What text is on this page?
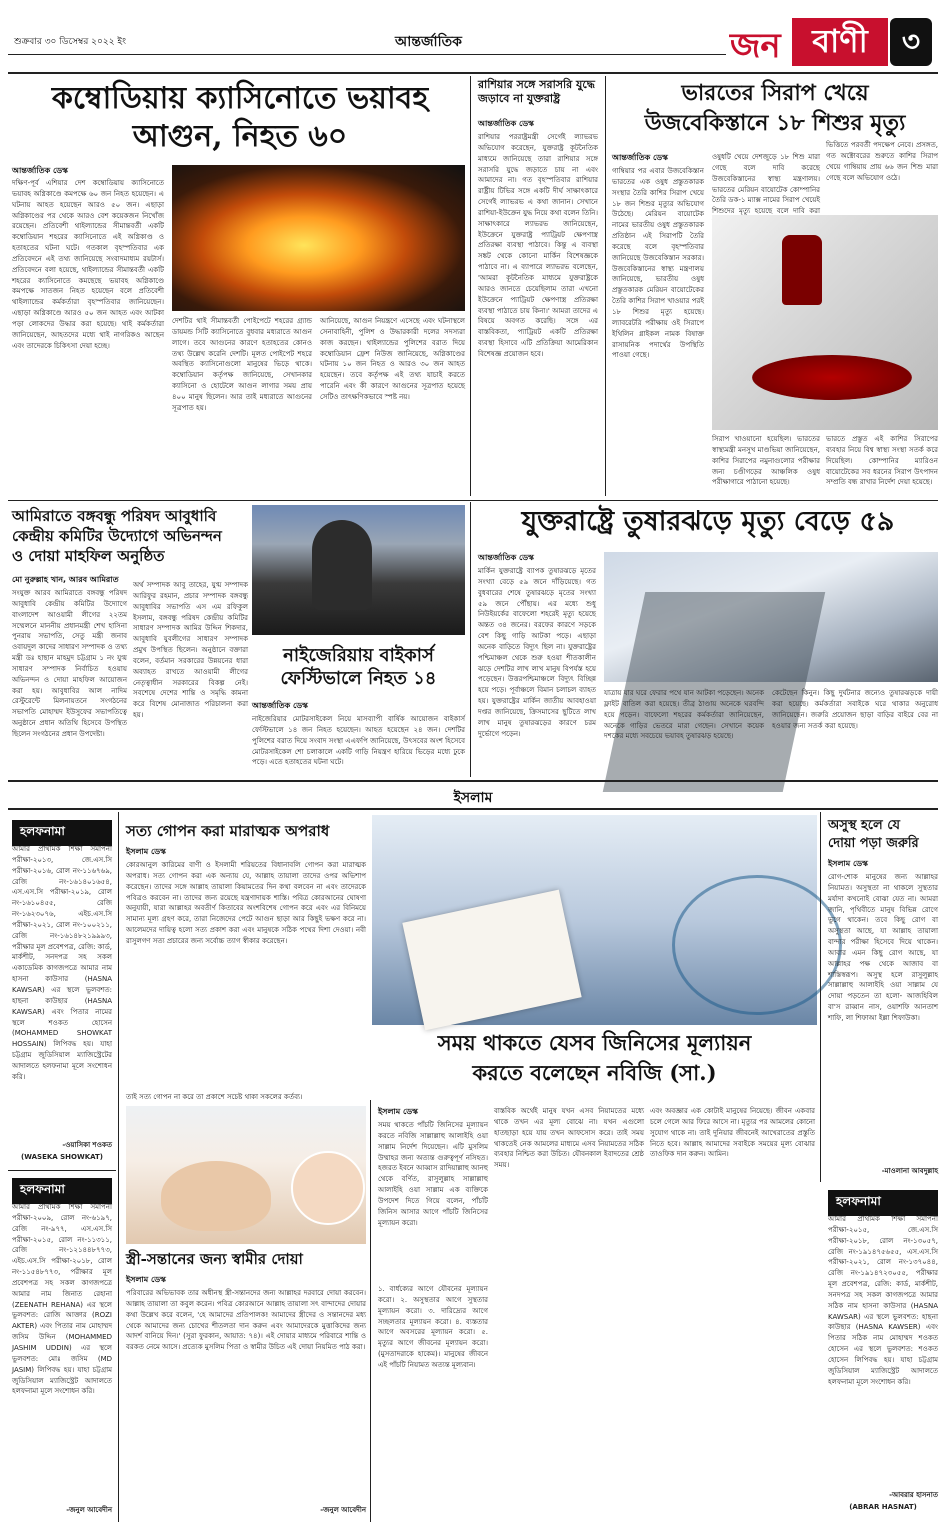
শুক্রবার ৩০ ডিসেম্বর ২০২২ ইং	আন্তর্জাতিক	জন বাণী	৩
কম্বোডিয়ায় ক্যাসিনোতে ভয়াবহ
আগুন, নিহত ৬০
আন্তর্জাতিক ডেস্ক
দক্ষিণ-পূর্ব এশিয়ার দেশ কম্বোডিয়ায় ক্যাসিনোতে ভয়াবহ অগ্নিকাণ্ডে কমপক্ষে ৬০ জন নিহত হয়েছেন। এ ঘটনায় আহত হয়েছেন আরও ৫০ জন। এছাড়া অগ্নিকাণ্ডের পর থেকে আরও বেশ কয়েকজন নিখোঁজ রয়েছেন। প্রতিবেশী থাইল্যান্ডের সীমান্তবর্তী একটি কম্বোডিয়ান শহরের ক্যাসিনোতে এই অগ্নিকাণ্ড ও হতাহতের ঘটনা ঘটে। গতকাল বৃহস্পতিবার এক প্রতিবেদনে এই তথ্য জানিয়েছে সংবাদমাধ্যম রয়টার্স। প্রতিবেদনে বলা হয়েছে, থাইল্যান্ডের সীমান্তবর্তী একটি শহরের ক্যাসিনোতে কমছেছে ভয়াবহ অগ্নিকাণ্ডে কমপক্ষে সাতজন নিহত হয়েছেন বলে প্রতিবেশী থাইল্যান্ডের কর্মকর্তারা বৃহস্পতিবার জানিয়েছেন। এছাড়া অগ্নিকাণ্ডে আরও ৫০ জন আহত এবং আটকা পড়া লোকদের উদ্ধার করা হয়েছে। থাই কর্মকর্তারা জানিয়েছেন, আহতদের মধ্যে থাই নাগরিকও আছেন এবং তাদেরকে চিকিৎসা দেয়া হচ্ছে।
দেশটির থাই সীমান্তবর্তী পোইপেটে শহরের গ্র্যান্ড ডায়মন্ড সিটি ক্যাসিনোতে বুধবার মধ্যরাতে আগুন লাগে। তবে আগুনের কারণে হতাহতের কোনও তথ্য উল্লেখ করেনি দেশটি। মূলত পোইপেট শহরে অবস্থিত ক্যাসিনোগুলো মানুষের ভিড়ে থাকে। কম্বোডিয়ান কর্তৃপক্ষ জানিয়েছে, সেখানকার ক্যাসিনো ও হোটেলে আগুন লাগার সময় প্রায় ৪০০ মানুষ ছিলেন। আর তাই মধ্যরাতে আগুনের সূত্রপাত হয়।
আনিয়েছে, আগুন নিয়ন্ত্রণে এসেছে এবং ঘটনাস্থলে সেনাবাহিনী, পুলিশ ও উদ্ধারকারী দলের সদস্যরা কাজ করছেন। থাইল্যান্ডের পুলিশের বরাত দিয়ে কম্বোডিয়ান ফ্রেশ নিউজ জানিয়েছে, অগ্নিকাণ্ডের ঘটনায় ১০ জন নিহত ও আরও ৩০ জন আহত হয়েছেন। তবে কর্তৃপক্ষ এই তথ্য যাচাই করতে পারেনি এবং কী কারণে আগুনের সূত্রপাত হয়েছে সেটিও তাৎক্ষণিকভাবে স্পষ্ট নয়।
রাশিয়ার সঙ্গে সরাসরি যুদ্ধে জড়াবে না যুক্তরাষ্ট্র
আন্তর্জাতিক ডেস্ক
রাশিয়ার পররাষ্ট্রমন্ত্রী সের্গেই ল্যাভরভ অভিযোগ করেছেন, যুক্তরাষ্ট্র কূটনৈতিক মাধ্যমে জানিয়েছে তারা রাশিয়ার সঙ্গে সরাসরি যুদ্ধে জড়াতে চায় না এবং আমাদের না। গত বৃহস্পতিবার রাশিয়ার রাষ্ট্রীয় টিভির সঙ্গে একটি দীর্ঘ সাক্ষাৎকারে সের্গেই ল্যাভরভ এ কথা জানান। সেখানে রাশিয়া-ইউক্রেন যুদ্ধ নিয়ে কথা বলেন তিনি। সাক্ষাৎকারে ল্যাভরভ জানিয়েছেন, ইউক্রেনে যুক্তরাষ্ট্র প্যাট্রিয়ট ক্ষেপণাস্ত্র প্রতিরক্ষা ব্যবস্থা পাঠাবে। কিন্তু এ ব্যবস্থা সঙ্কট থেকে কোনো মার্কিন বিশেষজ্ঞকে পাঠাবে না। এ ব্যাপারে ল্যাভরভ বলেছেন, 'আমরা কূটনৈতিক মাধ্যমে যুক্তরাষ্ট্রকে আরও জানতে চেয়েছিলাম তারা এখনো ইউক্রেনে প্যাট্রিয়ট ক্ষেপণাস্ত্র প্রতিরক্ষা ব্যবস্থা পাঠাতে চায় কিনা।' আমরা তাদের এ বিষয়ে অবগত করেছি। সঙ্গে এর বাস্তবিকতা, প্যাট্রিয়ট একটি প্রতিরক্ষা ব্যবস্থা হিসাবে এটি প্রতিক্রিয়া আমেরিকান বিশেষজ্ঞ প্রয়োজন হবে।
ভারতের সিরাপ খেয়ে
উজবেকিস্তানে ১৮ শিশুর মৃত্যু
আন্তর্জাতিক ডেস্ক
গাম্বিয়ার পর এবার উজবেকিস্তান ভারতের এক ওষুধ প্রস্তুতকারক সংস্থার তৈরি কাশির সিরাপ খেয়ে ১৮ জন শিশুর মৃত্যুর অভিযোগ উঠেছে। মেরিয়ন বায়োটেক নামের ভারতীয় ওষুধ প্রস্তুতকারক প্রতিষ্ঠান এই সিরাপটি তৈরি করেছে বলে বৃহস্পতিবার জানিয়েছে উজবেকিস্তান সরকার। উজবেকিস্তানের স্বাস্থ্য মন্ত্রণালয় জানিয়েছে, ভারতীয় ওষুধ প্রস্তুতকারক মেরিয়ন বায়োটেকের তৈরি কাশির সিরাপ খাওয়ার পরই ১৮ শিশুর মৃত্যু হয়েছে। ল্যাবরেটরি পরীক্ষায় ওই সিরাপে ইথিলিন গ্লাইকল নামক বিষাক্ত রাসায়নিক পদার্থের উপস্থিতি পাওয়া গেছে।
ওষুধটি খেয়ে দেশজুড়ে ১৮ শিশু মারা গেছে বলে দাবি করেছে উজবেকিস্তানের স্বাস্থ্য মন্ত্রণালয়। ভারতের মেরিয়ন বায়োটেক কোম্পানির তৈরি ডক-১ ম্যাক্স নামের সিরাপ খেয়েই শিশুদের মৃত্যু হয়েছে বলে দাবি করা
ভিত্তিতে পরবর্তী পদক্ষেপ নেবে। প্রসঙ্গত, গত অক্টোবরের শুরুতে কাশির সিরাপ খেয়ে গাম্বিয়ায় প্রায় ৬৬ জন শিশু মারা গেছে বলে অভিযোগ ওঠে।
সিরাপ খাওয়ানো হয়েছিল। ভারতের স্বাস্থ্যমন্ত্রী মনসুখ মাণ্ডভিয়া জানিয়েছেন, কাশির সিরাপের নমুনাগুলোর পরীক্ষার জন্য চণ্ডীগড়ের আঞ্চলিক ওষুধ পরীক্ষাগারে পাঠানো হয়েছে।
ভারতে প্রস্তুত এই কাশির সিরাপের ব্যবহার নিয়ে বিশ্ব স্বাস্থ্য সংস্থা সতর্ক করে দিয়েছিল। কোম্পানির ম্যারিওন বায়োটেকের সব ধরনের সিরাপ উৎপাদন সম্প্রতি বন্ধ রাখার নির্দেশ দেয়া হয়েছে।
আমিরাতে বঙ্গবন্ধু পরিষদ আবুধাবি
কেন্দ্রীয় কমিটির উদ্যোগে অভিনন্দন
ও দোয়া মাহফিল অনুষ্ঠিত
মো নুরুল্লাহ খান, আরব আমিরাত
সংযুক্ত আরব আমিরাতে বঙ্গবন্ধু পরিষদ আবুধাবি কেন্দ্রীয় কমিটির উদ্যোগে বাংলাদেশ আওয়ামী লীগের ২২তম সম্মেলনে মাননীয় প্রধানমন্ত্রী শেখ হাসিনা পুনরায় সভাপতি, সেতু মন্ত্রী জনাব ওবায়দুল কাদের সাধারণ সম্পাদক ও তথ্য মন্ত্রী ডঃ হাছান মাহমুদ চট্টগ্রাম ১ নং যুগ্ম সাধারণ সম্পাদক নির্বাচিত হওয়ায় অভিনন্দন ও দোয়া মাহফিল আয়োজন করা হয়। আবুধাবির আল নাদিম রেস্টুরেন্টে মিলনায়তনে সংগঠনের সভাপতি মোহাম্মদ ইউসুফের সভাপতিত্বে অনুষ্ঠানে প্রধান অতিথি হিসেবে উপস্থিত ছিলেন সংগঠনের প্রধান উপদেষ্টা।
অর্থ সম্পাদক আবু তাহের, যুগ্ম সম্পাদক আরিফুর রহমান, প্রচার সম্পাদক বঙ্গবন্ধু আবুধাবির সভাপতি এস এম রফিকুল ইসলাম, বঙ্গবন্ধু পরিষদ কেন্দ্রীয় কমিটির সাধারণ সম্পাদক আমির উদ্দিন শিকদার, আবুধাবি যুবলীগের সাধারণ সম্পাদক প্রমুখ উপস্থিত ছিলেন। অনুষ্ঠানে বক্তারা বলেন, বর্তমান সরকারের উন্নয়নের ধারা অব্যাহত রাখতে আওয়ামী লীগের নেতৃত্বাধীন সরকারের বিকল্প নেই। সবশেষে দেশের শান্তি ও সমৃদ্ধি কামনা করে বিশেষ মোনাজাত পরিচালনা করা হয়।
নাইজেরিয়ায় বাইকার্স
ফেস্টিভালে নিহত ১৪
আন্তর্জাতিক ডেস্ক
যুক্তরাষ্ট্রে তুষারঝড়ে মৃত্যু বেড়ে ৫৯
আন্তর্জাতিক ডেস্ক
মার্কিন যুক্তরাষ্ট্রে ব্যাপক তুষারঝড়ে মৃতের সংখ্যা বেড়ে ৫৯ জনে দাঁড়িয়েছে। গত বুধবারের শেষে তুষারঝড়ে মৃতের সংখ্যা ৫৯ জনে পৌঁছায়। এর মধ্যে শুধু নিউইয়র্কের বাফেলো শহরেই মৃত্যু হয়েছে অন্তত ৩৪ জনের। বরফের কারণে সড়কে বেশ কিছু গাড়ি আটকা পড়ে। এছাড়া অনেক বাড়িতে বিদ্যুৎ ছিল না। যুক্তরাষ্ট্রের পশ্চিমাঞ্চল থেকে শুরু হওয়া শীতকালীন ঝড়ে দেশটির লাখ লাখ মানুষ বিপর্যস্ত হয়ে পড়েছেন। উত্তরপশ্চিমাঞ্চলে বিদ্যুৎ বিচ্ছিন্ন হয়ে পড়ে। পূর্বাঞ্চলে বিমান চলাচল ব্যাহত হয়। যুক্তরাষ্ট্রের মার্কিন জাতীয় আবহাওয়া দপ্তর জানিয়েছে, ক্রিসমাসের ছুটিতে লাখ লাখ মানুষ তুষারঝড়ের কারণে চরম দুর্ভোগে পড়েন।
যাত্রায় যার ঘরে ফেরার পথে যান আটকা পড়েছেন। অনেক ফ্লাইট বাতিল করা হয়েছে। তীব্র ঠাণ্ডায় অনেকে ঘরবন্দি হয়ে পড়েন। বাফেলো শহরের কর্মকর্তারা জানিয়েছেন, অনেকে গাড়ির ভেতরে মারা গেছেন। সেখানে কয়েক দশকের মধ্যে সবচেয়ে ভয়াবহ তুষারঝড় হয়েছে।
কেটেছেন কিনুন। কিছু দুর্ঘটনার জন্যেও তুষারঝড়কে দায়ী করা হয়েছে। কর্মকর্তারা সবাইকে ঘরে থাকার অনুরোধ জানিয়েছেন। জরুরি প্রয়োজন ছাড়া বাড়ির বাইরে বের না হওয়ার জন্য সতর্ক করা হয়েছে।
নাইজেরিয়ার মোটরসাইকেল নিয়ে মাসব্যাপী বার্ষিক আয়োজন বাইকার্স ফেস্টিভালে ১৪ জন নিহত হয়েছেন। আহত হয়েছেন ২৪ জন। দেশটির পুলিশের বরাত দিয়ে সংবাদ সংস্থা এএফপি জানিয়েছে, উৎসবের অংশ হিসেবে মোটরসাইকেল শো চলাকালে একটি গাড়ি নিয়ন্ত্রণ হারিয়ে ভিড়ের মধ্যে ঢুকে পড়ে। এতে হতাহতের ঘটনা ঘটে।
ইসলাম
হলফনামা
আমার প্রাথমিক শিক্ষা সমাপনী পরীক্ষা-২০১৩, জে.এস.সি পরীক্ষা-২০১৬, রোল নং-১১৬৭৬৯, রেজি নং-১৬১৪০১৬৫৪, এস.এস.সি পরীক্ষা-২০১৯, রোল নং-১৬১০৪৫৫, রেজি নং-১৬২৩০৭৬, এইচ.এস.সি পরীক্ষা-২০২১, রোল নং-১০০২১১, রেজি নং-১৬১৪৮২১৯৯৯৩, পরীক্ষার মূল প্রবেশপত্র, রেজি: কার্ড, মার্কশীট, সনদপত্র সহ সকল একাডেমিক কাগজপত্রে আমার নাম হাসনা কাউসার (HASNA KAWSAR) এর স্থলে ভুলবশত: হাছনা কাউছার (HASNA KAWSAR) এবং পিতার নামের স্থলে শওকত হোসেন (MOHAMMED SHOWKAT HOSSAIN) লিপিবদ্ধ হয়। যাহা চট্টগ্রাম জুডিসিয়াল ম্যাজিস্ট্রেটের আদালতে হলফনামা মূলে সংশোধন করি।
-ওয়াসিকা শওকত
(WASEKA SHOWKAT)
হলফনামা
আমার প্রাথমিক শিক্ষা সমাপনী পরীক্ষা-২০০৯, রোল নং-৬১৯৭, রেজি নং-৯৭৭, এস.এস.সি পরীক্ষা-২০১৫, রোল নং-১১৩১১, রেজি নং-১২১৪৪৮৭৭৩, এইচ.এস.সি পরীক্ষা-২০১৮, রোল নং-১১৫৪৮৭৭৩, পরীক্ষার মূল প্রবেশপত্র সহ সকল কাগজপত্রে আমার নাম জিনাত রেহানা (ZEENATH REHANA) এর স্থলে ভুলবশত: রোজি আক্তার (ROZI AKTER) এবং পিতার নাম মোহাম্মদ জসিম উদ্দিন (MOHAMMED JASHIM UDDIN) এর স্থলে ভুলবশত: মোঃ জসিম (MD JASIM) লিপিবদ্ধ হয়। যাহা চট্টগ্রাম জুডিসিয়াল ম্যাজিস্ট্রেট আদালতে হলফনামা মূলে সংশোধন করি।
-জনুল আবেদীন
সত্য গোপন করা মারাত্মক অপরাধ
ইসলাম ডেস্ক
কোরআনুল কারিমের বাণী ও ইসলামী শরিয়তের বিধানাবলি গোপন করা মারাত্মক অপরাধ। সত্য গোপন করা এক অন্যায় যে, আল্লাহ তায়ালা তাদের ওপর অভিশাপ করেছেন। তাদের সঙ্গে আল্লাহ তায়ালা কিয়ামতের দিন কথা বলবেন না এবং তাদেরকে পবিত্রও করবেন না। তাদের জন্য রয়েছে যন্ত্রণাদায়ক শাস্তি। পবিত্র কোরআনের ঘোষণা অনুযায়ী, যারা আল্লাহর অবতীর্ণ কিতাবের অংশবিশেষ গোপন করে এবং এর বিনিময়ে সামান্য মূল্য গ্রহণ করে, তারা নিজেদের পেটে আগুন ছাড়া আর কিছুই ভক্ষণ করে না। আলেমদের দায়িত্ব হলো সত্য প্রকাশ করা এবং মানুষকে সঠিক পথের দিশা দেওয়া। নবী রাসুলগণ সত্য প্রচারের জন্য সর্বোচ্চ ত্যাগ স্বীকার করেছেন।
তাই সত্য গোপন না করে তা প্রকাশে সচেষ্ট থাকা সকলের কর্তব্য।
অসুস্থ হলে যে
দোয়া পড়া জরুরি
ইসলাম ডেস্ক
রোগ-শোক মানুষের জন্য আল্লাহর নিয়ামত। অসুস্থতা না থাকলে সুস্থতার মর্যাদা কখনোই বোঝা যেত না। আমরা জানি, পৃথিবীতে মানুষ বিভিন্ন রোগে ভুগে থাকেন। তবে কিছু রোগ বা অসুস্থতা আছে, যা আল্লাহ তায়ালা বান্দার পরীক্ষা হিসেবে দিয়ে থাকেন। আবার এমন কিছু রোগ আছে, যা আল্লাহর পক্ষ থেকে আজাব বা শাস্তিস্বরূপ। অসুস্থ হলে রাসুলুল্লাহ সাল্লাল্লাহু আলাইহি ওয়া সাল্লাম যে দোয়া পড়তেন তা হলো- আজহিবিল বা'স রাব্বান নাস, ওয়াশফি আনতাশ শাফি, লা শিফাআ ইল্লা শিফাউকা।
-মাওলানা আবদুল্লাহ
সময় থাকতে যেসব জিনিসের মূল্যায়ন
করতে বলেছেন নবিজি (সা.)
স্ত্রী-সন্তানের জন্য স্বামীর দোয়া
ইসলাম ডেস্ক
পরিবারের অভিভাবক তার অধীনস্থ স্ত্রী-সন্তানদের জন্য আল্লাহর দরবারে দোয়া করবেন। আল্লাহ তায়ালা তা কবুল করেন। পবিত্র কোরআনে আল্লাহ তায়ালা সৎ বান্দাদের দোয়ার কথা উল্লেখ করে বলেন, 'হে আমাদের প্রতিপালক! আমাদের স্ত্রীদের ও সন্তানদের মধ্য থেকে আমাদের জন্য চোখের শীতলতা দান করুন এবং আমাদেরকে মুত্তাকিদের জন্য আদর্শ বানিয়ে দিন।' (সুরা ফুরকান, আয়াত: ৭৪)। এই দোয়ার মাধ্যমে পরিবারে শান্তি ও বরকত নেমে আসে। প্রত্যেক মুসলিম পিতা ও স্বামীর উচিত এই দোয়া নিয়মিত পাঠ করা।
-জনুল আবেদীন
ইসলাম ডেস্ক
সময় থাকতে পাঁচটি জিনিসের মূল্যায়ন করতে নবিজি সাল্লাল্লাহু আলাইহি ওয়া সাল্লাম নির্দেশ দিয়েছেন। এটি মুসলিম উম্মাহর জন্য অত্যন্ত গুরুত্বপূর্ণ নসিহত। হজরত ইবনে আব্বাস রাদিয়াল্লাহু আনহু থেকে বর্ণিত, রাসুলুল্লাহ সাল্লাল্লাহু আলাইহি ওয়া সাল্লাম এক ব্যক্তিকে উপদেশ দিতে গিয়ে বলেন, পাঁচটি জিনিস আসার আগে পাঁচটি জিনিসের মূল্যায়ন করো।
১. বার্ধক্যের আগে যৌবনের মূল্যায়ন করো। ২. অসুস্থতার আগে সুস্থতার মূল্যায়ন করো। ৩. দারিদ্র্যের আগে সচ্ছলতার মূল্যায়ন করো। ৪. ব্যস্ততার আগে অবসরের মূল্যায়ন করো। ৫. মৃত্যুর আগে জীবনের মূল্যায়ন করো। (মুসতাদরাকে হাকেম)। মানুষের জীবনে এই পাঁচটি নিয়ামত অত্যন্ত মূল্যবান।
বাস্তবিক অর্থেই মানুষ যখন এসব নিয়ামতের মধ্যে থাকে তখন এর মূল্য বোঝে না। যখন এগুলো হাতছাড়া হয়ে যায় তখন আফসোস করে। তাই সময় থাকতেই নেক আমলের মাধ্যমে এসব নিয়ামতের সঠিক ব্যবহার নিশ্চিত করা উচিত। যৌবনকাল ইবাদতের শ্রেষ্ঠ সময়।
এবং অবজ্ঞার এক কোটাই মানুষের নিয়েছে। জীবন একবার চলে গেলে আর ফিরে আসে না। মৃত্যুর পর আমলের কোনো সুযোগ থাকে না। তাই দুনিয়ার জীবনেই আখেরাতের প্রস্তুতি নিতে হবে। আল্লাহ আমাদের সবাইকে সময়ের মূল্য বোঝার তাওফিক দান করুন। আমিন।
হলফনামা
আমার প্রাথমিক শিক্ষা সমাপনী পরীক্ষা-২০১৫, জে.এস.সি পরীক্ষা-২০১৮, রোল নং-১৩০৫৭, রেজি নং-১৯১৪৭৫৬৫৫, এস.এস.সি পরীক্ষা-২০২১, রোল নং-১৩৭০৪৪, রেজি নং-১৯১৪৭২৩০৫৫, পরীক্ষার মূল প্রবেশপত্র, রেজি: কার্ড, মার্কশীট, সনদপত্র সহ সকল কাগজপত্রে আমার সঠিক নাম হাসনা কাউসার (HASNA KAWSAR) এর স্থলে ভুলবশত: হাছনা কাউছার (HASNA KAWSER) এবং পিতার সঠিক নাম মোহাম্মদ শওকত হোসেন এর স্থলে ভুলবশত: শওকত হোসেন লিপিবদ্ধ হয়। যাহা চট্টগ্রাম জুডিসিয়াল ম্যাজিস্ট্রেট আদালতে হলফনামা মূলে সংশোধন করি।
-আবরার হাসনাত
(ABRAR HASNAT)
